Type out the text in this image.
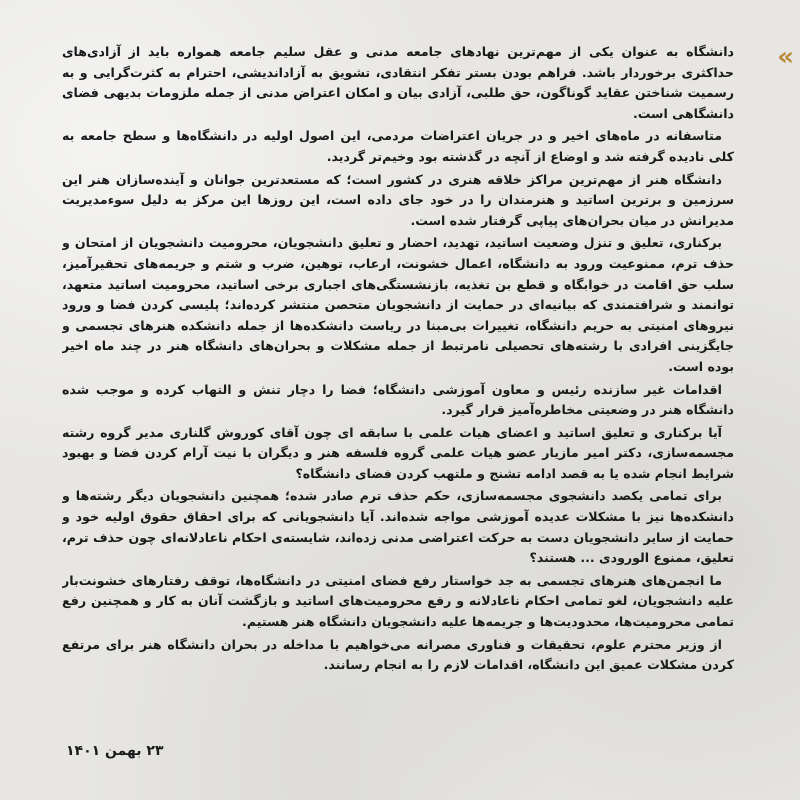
«

دانشگاه به عنوان یکی از مهم‌ترین نهادهای جامعه مدنی و عقل سلیم جامعه همواره باید از آزادی‌های حداکثری برخوردار باشد. فراهم بودن بستر تفکر انتقادی، تشویق به آزاداندیشی، احترام به کثرت‌گرایی و به رسمیت شناختن عقاید گوناگون، حق طلبی، آزادی بیان و امکان اعتراض مدنی از جمله ملزومات بدیهی فضای دانشگاهی است.

متاسفانه در ماه‌های اخیر و در جریان اعتراضات مردمی، این اصول اولیه در دانشگاه‌ها و سطح جامعه به کلی نادیده گرفته شد و اوضاع از آنچه در گذشته بود وخیم‌تر گردید.

دانشگاه هنر از مهم‌ترین مراکز خلاقه هنری در کشور است؛ که مستعدترین جوانان و آینده‌سازان هنر این سرزمین و برترین اساتید و هنرمندان را در خود جای داده است، این روزها این مرکز به دلیل سوءمدیریت مدیرانش در میان بحران‌های پیاپی گرفتار شده است.

برکناری، تعلیق و تنزل وضعیت اساتید، تهدید، احضار و تعلیق دانشجویان، محرومیت دانشجویان از امتحان و حذف ترم، ممنوعیت ورود به دانشگاه، اعمال خشونت، ارعاب، توهین، ضرب و شتم و جریمه‌های تحقیرآمیز، سلب حق اقامت در خوابگاه و قطع بن تغذیه، بازنشستگی‌های اجباری برخی اساتید، محرومیت اساتید متعهد، توانمند و شرافتمندی که بیانیه‌ای در حمایت از دانشجویان متحصن منتشر کرده‌اند؛ پلیسی کردن فضا و ورود نیروهای امنیتی به حریم دانشگاه، تغییرات بی‌مبنا در ریاست دانشکده‌ها از جمله دانشکده هنرهای تجسمی و جایگزینی افرادی با رشته‌های تحصیلی نامرتبط از جمله مشکلات و بحران‌های دانشگاه هنر در چند ماه اخیر بوده است.

اقدامات غیر سازنده رئیس و معاون آموزشی دانشگاه؛ فضا را دچار تنش و التهاب کرده و موجب شده دانشگاه هنر در وضعیتی مخاطره‌آمیز قرار گیرد.

آیا برکناری و تعلیق اساتید و اعضای هیات علمی با سابقه ای چون آقای کوروش گلناری مدیر گروه رشته مجسمه‌سازی، دکتر امیر مازیار عضو هیات علمی گروه فلسفه هنر و دیگران با نیت آرام کردن فضا و بهبود شرایط انجام شده یا به قصد ادامه تشنج و ملتهب کردن فضای دانشگاه؟

برای تمامی یکصد دانشجوی مجسمه‌سازی، حکم حذف ترم صادر شده؛ همچنین دانشجویان دیگر رشته‌ها و دانشکده‌ها نیز با مشکلات عدیده آموزشی مواجه شده‌اند. آیا دانشجویانی که برای احقاق حقوق اولیه خود و حمایت از سایر دانشجویان دست به حرکت اعتراضی مدنی زده‌اند، شایسته‌ی احکام ناعادلانه‌ای چون حذف ترم، تعلیق، ممنوع الورودی ... هستند؟

ما انجمن‌های هنرهای تجسمی به جد خواستار رفع فضای امنیتی در دانشگاه‌ها، توقف رفتارهای خشونت‌بار علیه دانشجویان، لغو تمامی احکام ناعادلانه و رفع محرومیت‌های اساتید و بازگشت آنان به کار و همچنین رفع تمامی محرومیت‌ها، محدودیت‌ها و جریمه‌ها علیه دانشجویان دانشگاه هنر هستیم.

از وزیر محترم علوم، تحقیقات و فناوری مصرانه می‌خواهیم با مداخله در بحران دانشگاه هنر برای مرتفع کردن مشکلات عمیق این دانشگاه، اقدامات لازم را به انجام رسانند.

۲۳ بهمن ۱۴۰۱
